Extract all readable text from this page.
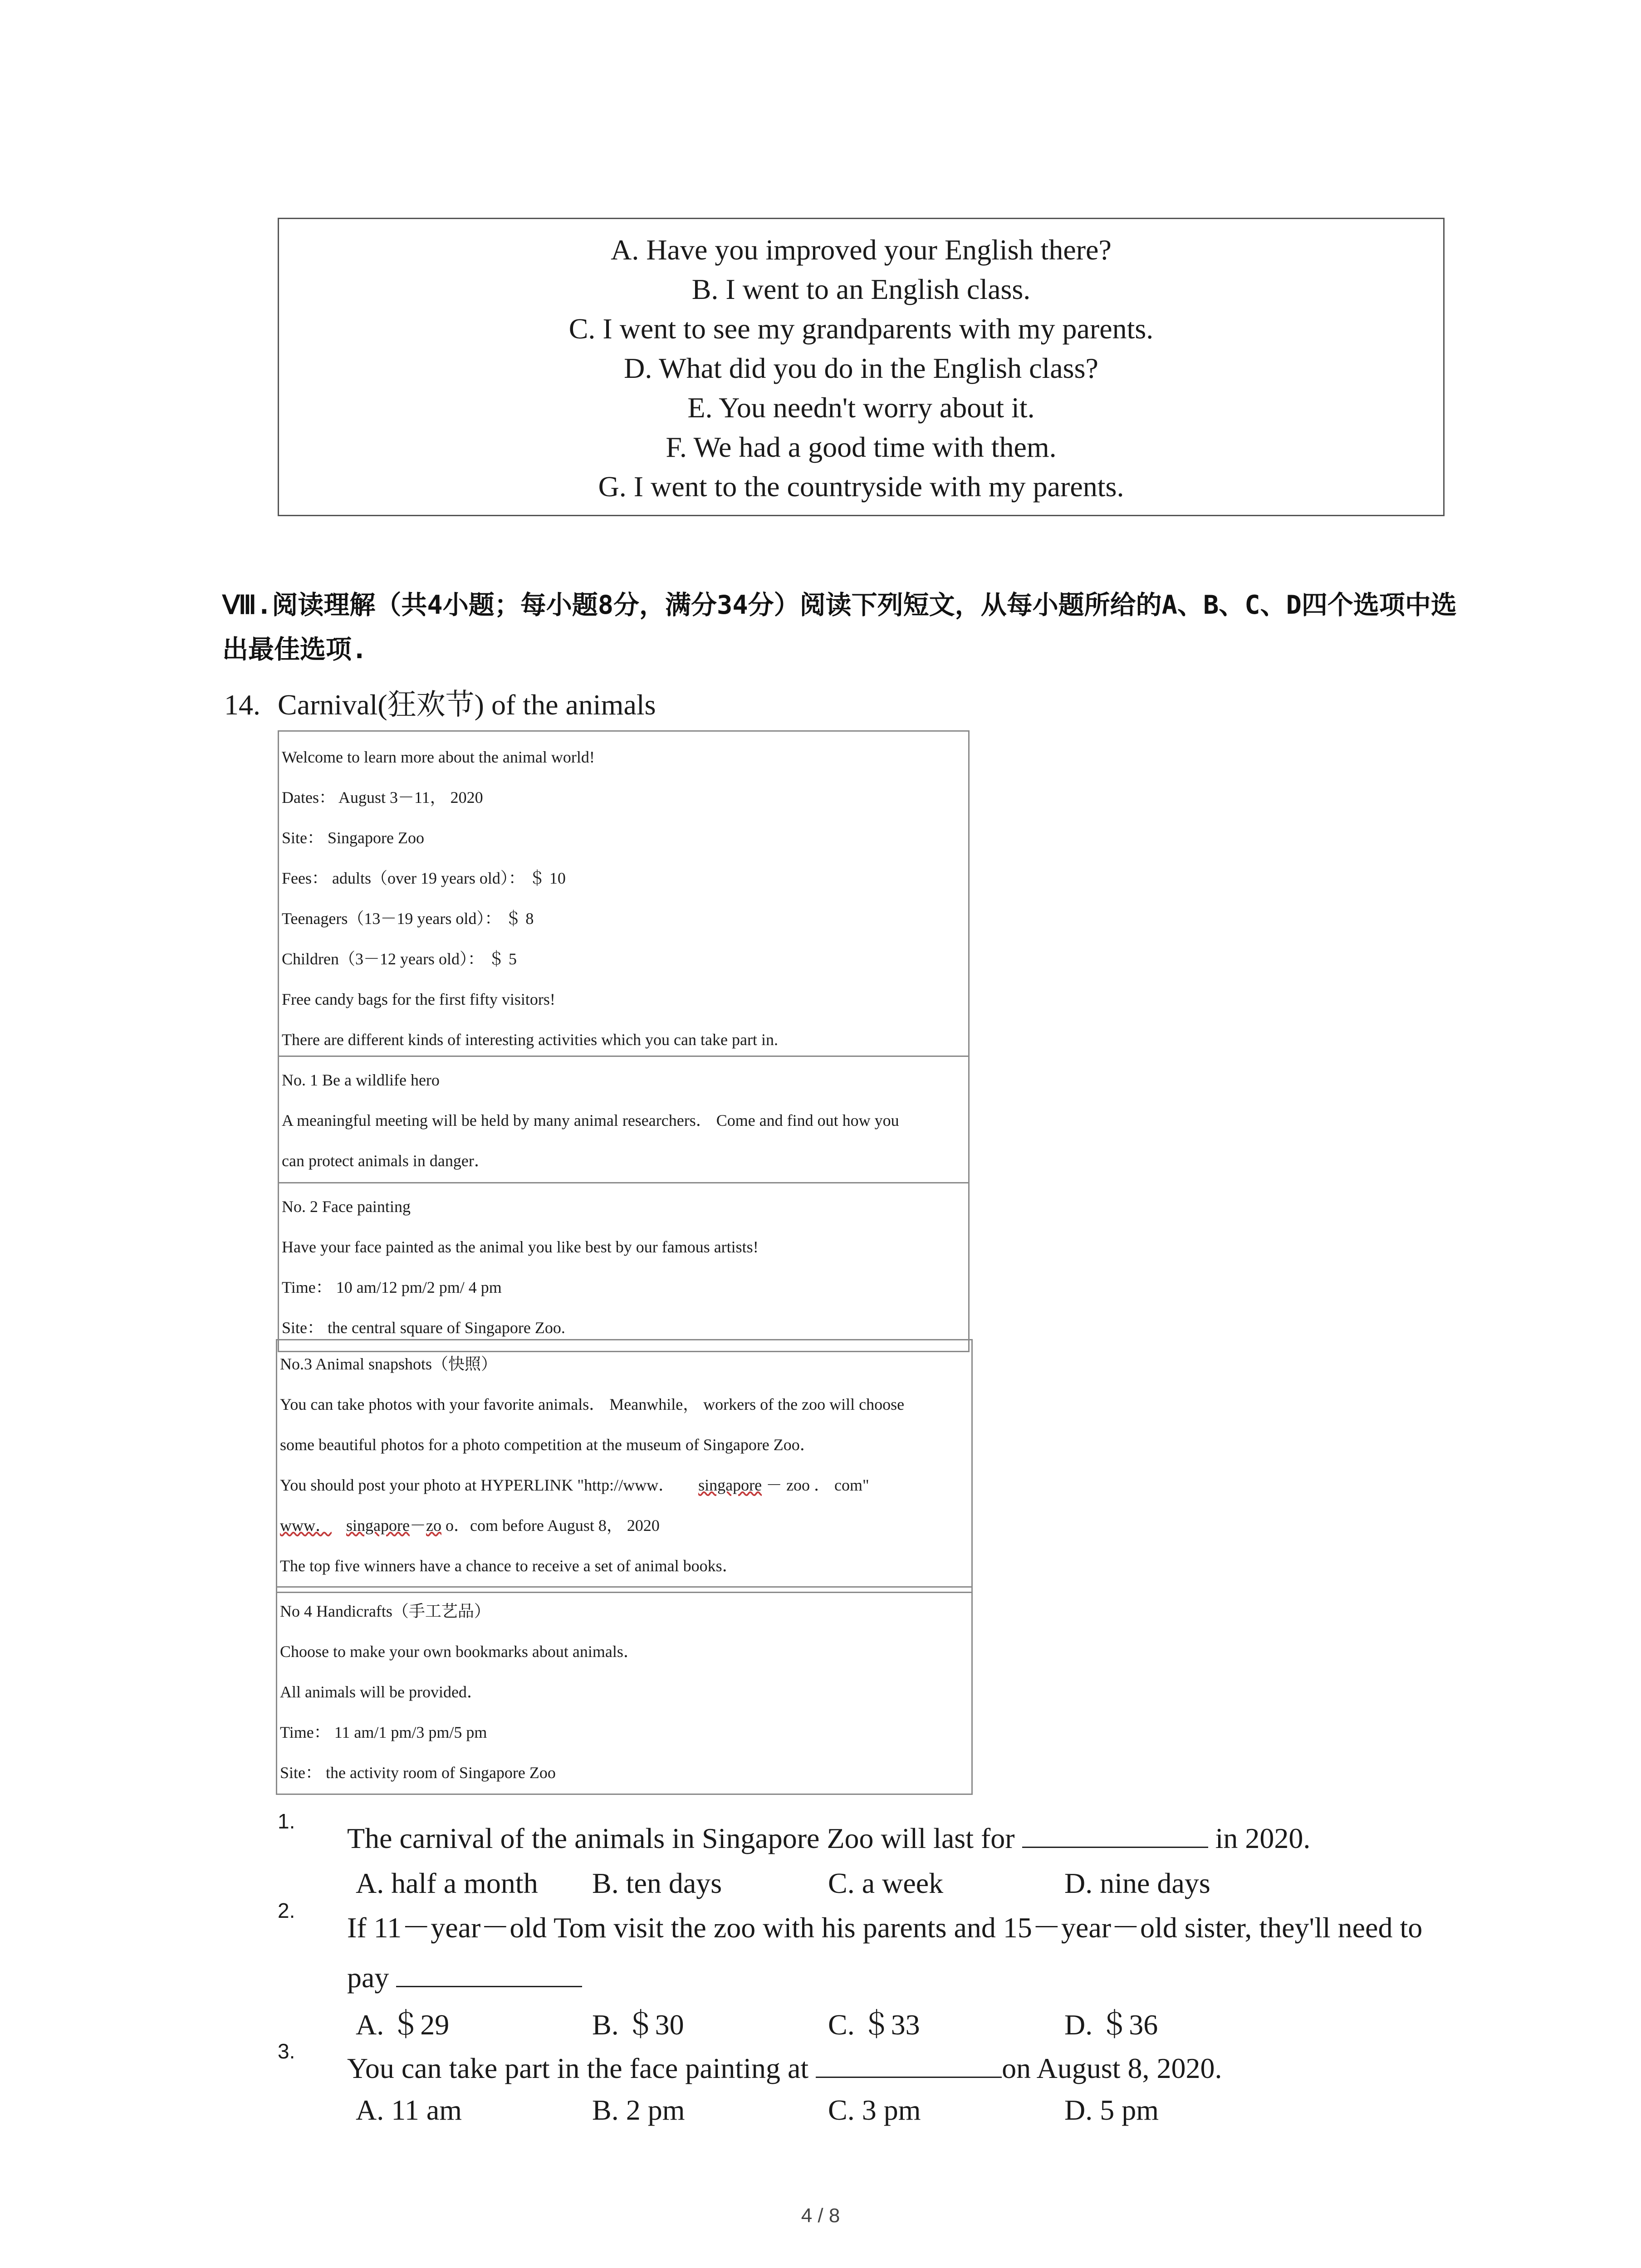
A. Have you improved your English there?
B. I went to an English class.
C. I went to see my grandparents with my parents.
D. What did you do in the English class?
E. You needn't worry about it.
F. We had a good time with them.
G. I went to the countryside with my parents.
Ⅷ.阅读理解（共4小题；每小题8分，满分34分）阅读下列短文，从每小题所给的A、B、C、D四个选项中选出最佳选项.
14. Carnival(狂欢节) of the animals
Welcome to learn more about the animal world!
Dates： August 3－11， 2020
Site： Singapore Zoo
Fees： adults（over 19 years old）： ＄ 10
Teenagers（13－19 years old）： ＄ 8
Children（3－12 years old）： ＄ 5
Free candy bags for the first fifty visitors!
There are different kinds of interesting activities which you can take part in.
No. 1 Be a wildlife hero
A meaningful meeting will be held by many animal researchers． Come and find out how you
can protect animals in danger．
No. 2 Face painting
Have your face painted as the animal you like best by our famous artists!
Time： 10 am/12 pm/2 pm/ 4 pm
Site： the central square of Singapore Zoo.
No.3 Animal snapshots（快照）
You can take photos with your favorite animals． Meanwhile， workers of the zoo will choose
some beautiful photos for a photo competition at the museum of Singapore Zoo．
You should post your photo at HYPERLINK "http://www． singapore － zoo ． com"
www． singapore－zo o．com before August 8， 2020
The top five winners have a chance to receive a set of animal books．
No 4 Handicrafts（手工艺品）
Choose to make your own bookmarks about animals．
All animals will be provided．
Time： 11 am/1 pm/3 pm/5 pm
Site： the activity room of Singapore Zoo
1.
The carnival of the animals in Singapore Zoo will last for	in 2020.
A. half a month B. ten days	C. a week	D. nine days
2.
If 11－year－old Tom visit the zoo with his parents and 15－year－old sister, they'll need to pay
A. ＄29	B. ＄30	C. ＄33	D. ＄36
3.
You can take part in the face painting at	on August 8, 2020.
A. 11 am	B. 2 pm	C. 3 pm	D. 5 pm
4 / 8
